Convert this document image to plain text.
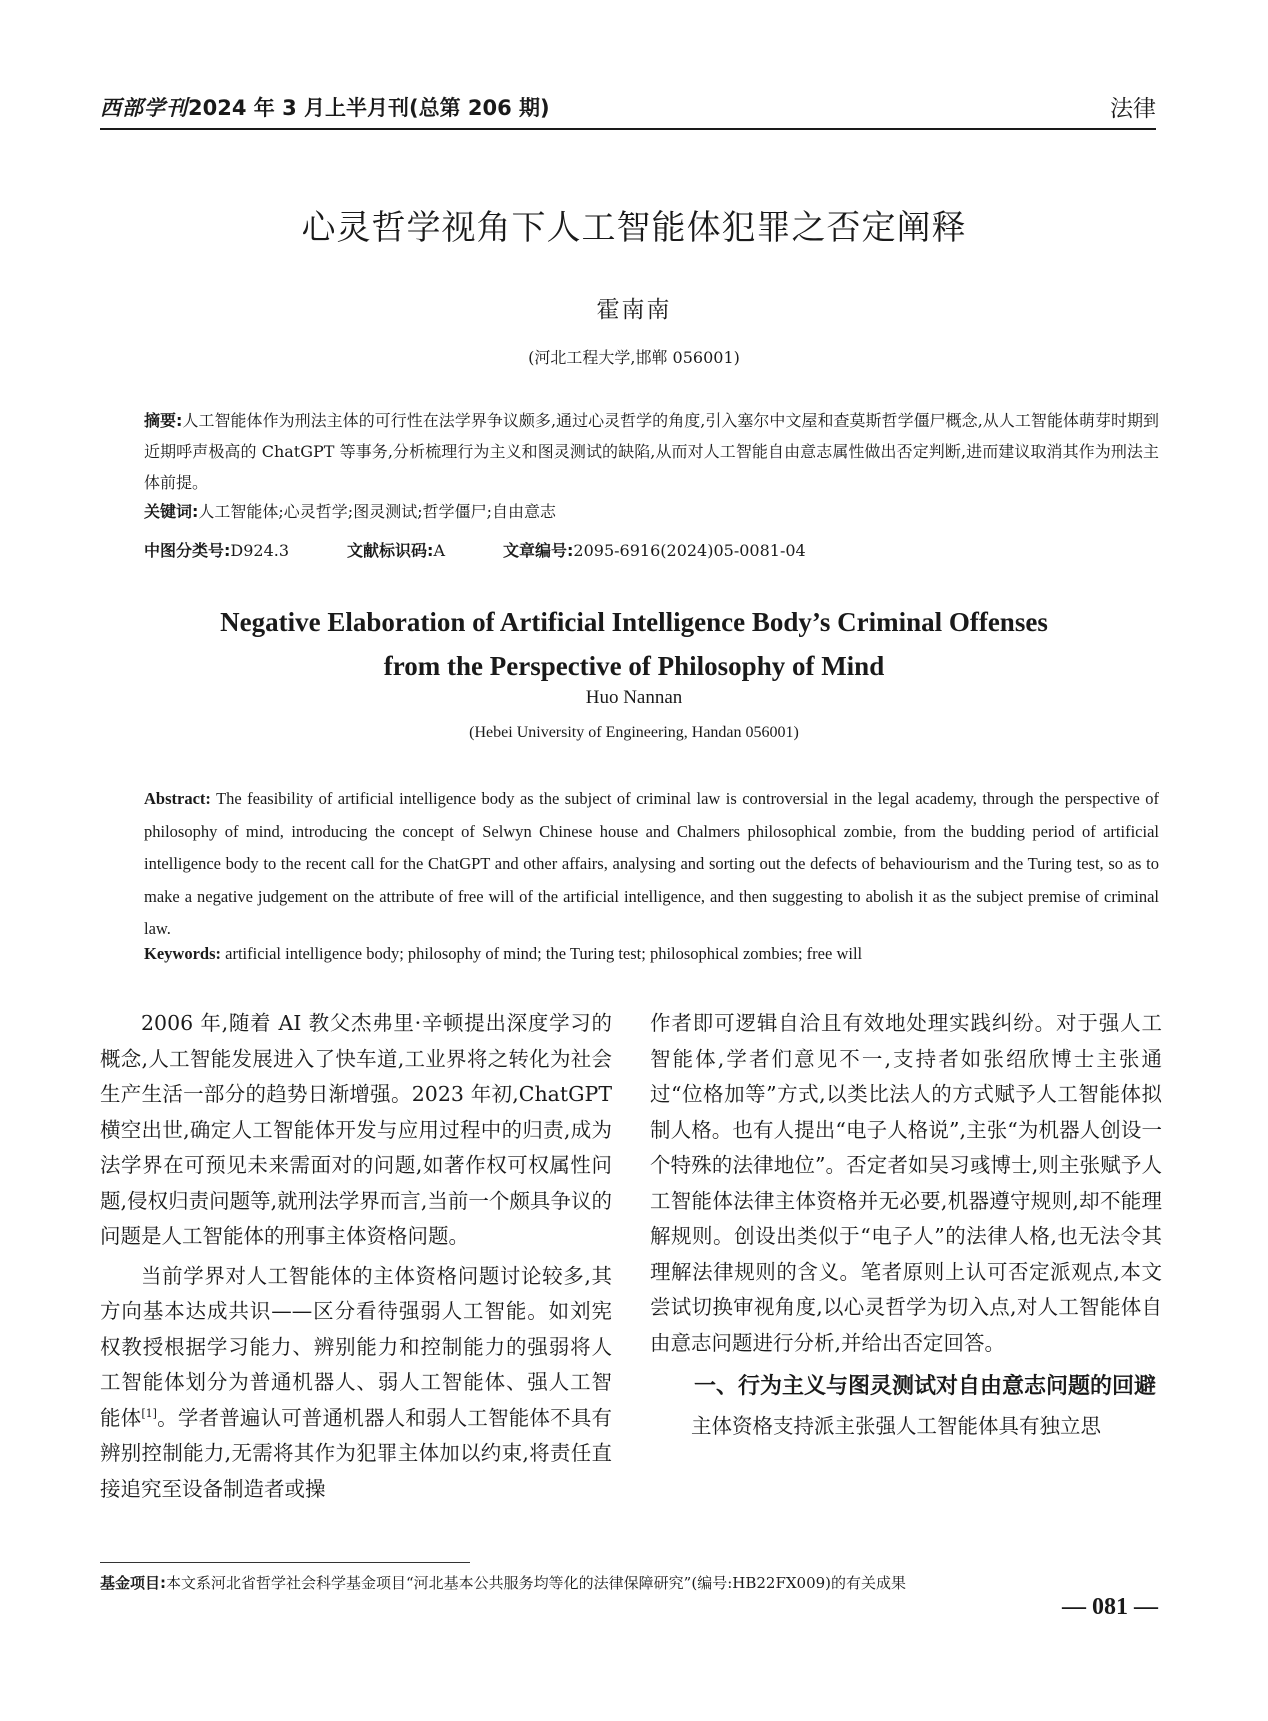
西部学刊2024 年 3 月上半月刊(总第 206 期)	法律
心灵哲学视角下人工智能体犯罪之否定阐释
霍南南
(河北工程大学,邯郸 056001)
摘要:人工智能体作为刑法主体的可行性在法学界争议颇多,通过心灵哲学的角度,引入塞尔中文屋和查莫斯哲学僵尸概念,从人工智能体萌芽时期到近期呼声极高的 ChatGPT 等事务,分析梳理行为主义和图灵测试的缺陷,从而对人工智能自由意志属性做出否定判断,进而建议取消其作为刑法主体前提。
关键词:人工智能体;心灵哲学;图灵测试;哲学僵尸;自由意志
中图分类号:D924.3	文献标识码:A	文章编号:2095-6916(2024)05-0081-04
Negative Elaboration of Artificial Intelligence Body’s Criminal Offenses
from the Perspective of Philosophy of Mind
Huo Nannan
(Hebei University of Engineering, Handan 056001)
Abstract: The feasibility of artificial intelligence body as the subject of criminal law is controversial in the legal academy, through the perspective of philosophy of mind, introducing the concept of Selwyn Chinese house and Chalmers philosophical zombie, from the budding period of artificial intelligence body to the recent call for the ChatGPT and other affairs, analysing and sorting out the defects of behaviourism and the Turing test, so as to make a negative judgement on the attribute of free will of the artificial intelligence, and then suggesting to abolish it as the subject premise of criminal law.
Keywords: artificial intelligence body; philosophy of mind; the Turing test; philosophical zombies; free will

2006 年,随着 AI 教父杰弗里·辛顿提出深度学习的概念,人工智能发展进入了快车道,工业界将之转化为社会生产生活一部分的趋势日渐增强。2023 年初,ChatGPT 横空出世,确定人工智能体开发与应用过程中的归责,成为法学界在可预见未来需面对的问题,如著作权可权属性问题,侵权归责问题等,就刑法学界而言,当前一个颇具争议的问题是人工智能体的刑事主体资格问题。

当前学界对人工智能体的主体资格问题讨论较多,其方向基本达成共识——区分看待强弱人工智能。如刘宪权教授根据学习能力、辨别能力和控制能力的强弱将人工智能体划分为普通机器人、弱人工智能体、强人工智能体[1]。学者普遍认可普通机器人和弱人工智能体不具有辨别控制能力,无需将其作为犯罪主体加以约束,将责任直接追究至设备制造者或操

作者即可逻辑自洽且有效地处理实践纠纷。对于强人工智能体,学者们意见不一,支持者如张绍欣博士主张通过“位格加等”方式,以类比法人的方式赋予人工智能体拟制人格。也有人提出“电子人格说”,主张“为机器人创设一个特殊的法律地位”。否定者如吴习彧博士,则主张赋予人工智能体法律主体资格并无必要,机器遵守规则,却不能理解规则。创设出类似于“电子人”的法律人格,也无法令其理解法律规则的含义。笔者原则上认可否定派观点,本文尝试切换审视角度,以心灵哲学为切入点,对人工智能体自由意志问题进行分析,并给出否定回答。

一、行为主义与图灵测试对自由意志问题的回避

主体资格支持派主张强人工智能体具有独立思

基金项目:本文系河北省哲学社会科学基金项目“河北基本公共服务均等化的法律保障研究”(编号:HB22FX009)的有关成果
— 081 —
